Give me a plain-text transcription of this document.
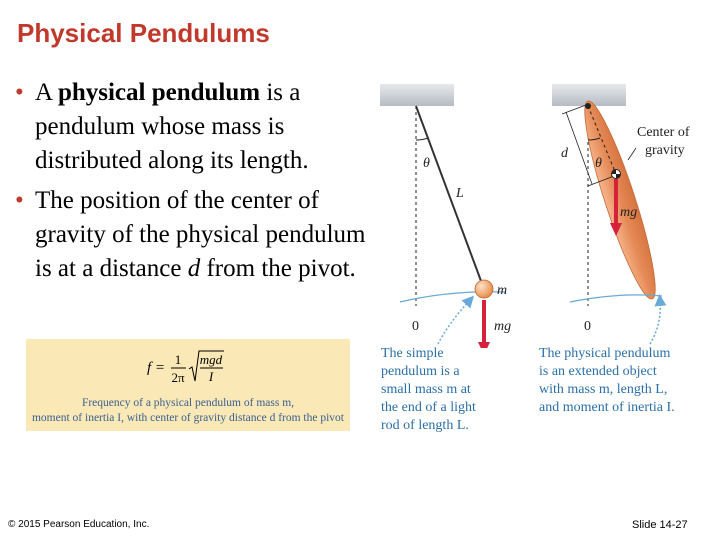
Physical Pendulums
• A physical pendulum is a pendulum whose mass is distributed along its length.
• The position of the center of gravity of the physical pendulum is at a distance d from the pivot.
f =
1
2π
mgd
I
Frequency of a physical pendulum of mass m,
moment of inertia I, with center of gravity distance d from the pivot
θ
L
m
mg
0
θ
d
Center of
gravity
mg
0
The simple
pendulum is a
small mass m at
the end of a light
rod of length L.
The physical pendulum
is an extended object
with mass m, length L,
and moment of inertia I.
© 2015 Pearson Education, Inc.	Slide 14-27
